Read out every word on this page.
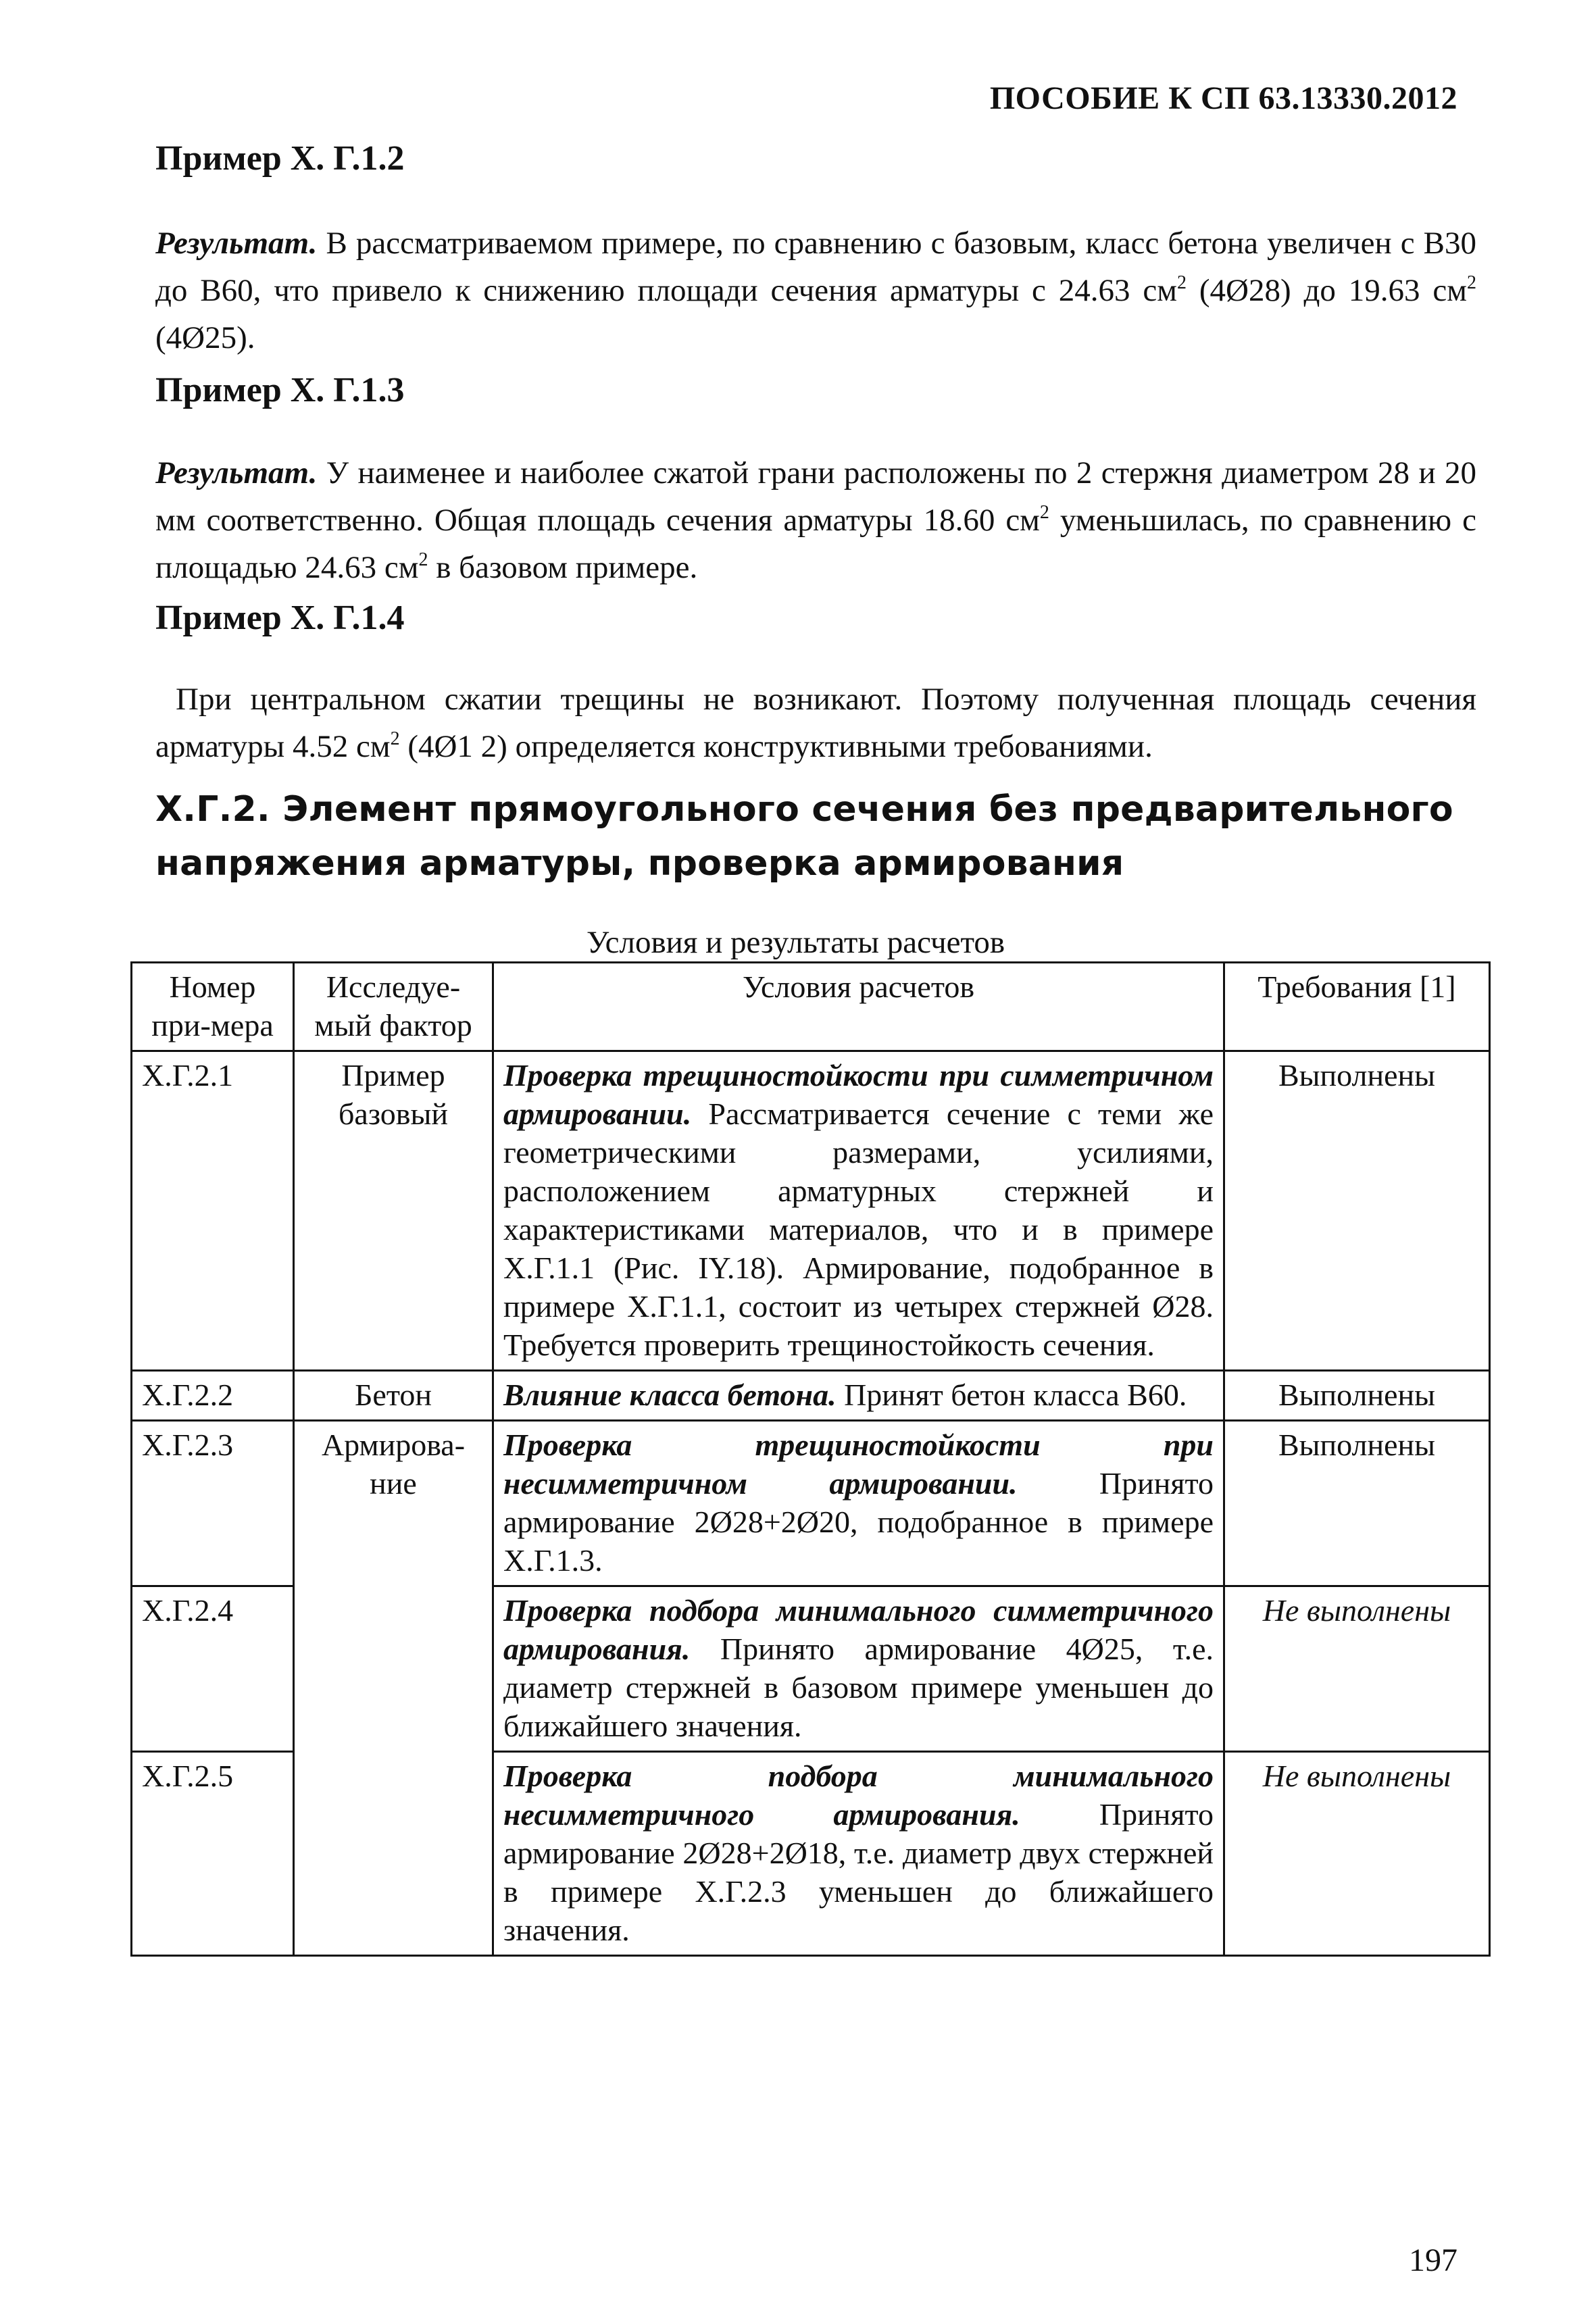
ПОСОБИЕ К СП 63.13330.2012
Пример Х. Г.1.2

Результат. В рассматриваемом примере, по сравнению с базовым, класс бетона увеличен с В30 до В60, что привело к снижению площади сечения арматуры с 24.63 $см^2$ (4Ø28) до 19.63 $см^2$ (4Ø25).

Пример Х. Г.1.3

Результат. У наименее и наиболее сжатой грани расположены по 2 стержня диаметром 28 и 20 мм соответственно. Общая площадь сечения арматуры 18.60 $см^2$ уменьшилась, по сравнению с площадью 24.63 $см^2$ в базовом примере.

Пример Х. Г.1.4

При центральном сжатии трещины не возникают. Поэтому полученная площадь сечения арматуры 4.52 $см^2$ (4Ø1 2) определяется конструктивными требованиями.

Х.Г.2. Элемент прямоугольного сечения без предварительного напряжения арматуры, проверка армирования
Условия и результаты расчетов
Номер при-мера	Исследуе-мый фактор	Условия расчетов	Требования [1]
Х.Г.2.1	Пример базовый	Проверка трещиностойкости при симметричном армировании. Рассматривается сечение с теми же геометрическими размерами, усилиями, расположением арматурных стержней и характеристиками материалов, что и в примере Х.Г.1.1 (Рис. IY.18). Армирование, подобранное в примере Х.Г.1.1, состоит из четырех стержней Ø28. Требуется проверить трещиностойкость сечения.	Выполнены
Х.Г.2.2	Бетон	Влияние класса бетона. Принят бетон класса В60.	Выполнены
Х.Г.2.3	Армирова-ние	Проверка трещиностойкости при несимметричном армировании. Принято армирование 2Ø28+2Ø20, подобранное в примере Х.Г.1.3.	Выполнены
Х.Г.2.4		Проверка подбора минимального симметричного армирования. Принято армирование 4Ø25, т.е. диаметр стержней в базовом примере уменьшен до ближайшего значения.	Не выполнены
Х.Г.2.5		Проверка подбора минимального несимметричного армирования. Принято армирование 2Ø28+2Ø18, т.е. диаметр двух стержней в примере Х.Г.2.3 уменьшен до ближайшего значения.	Не выполнены
197
